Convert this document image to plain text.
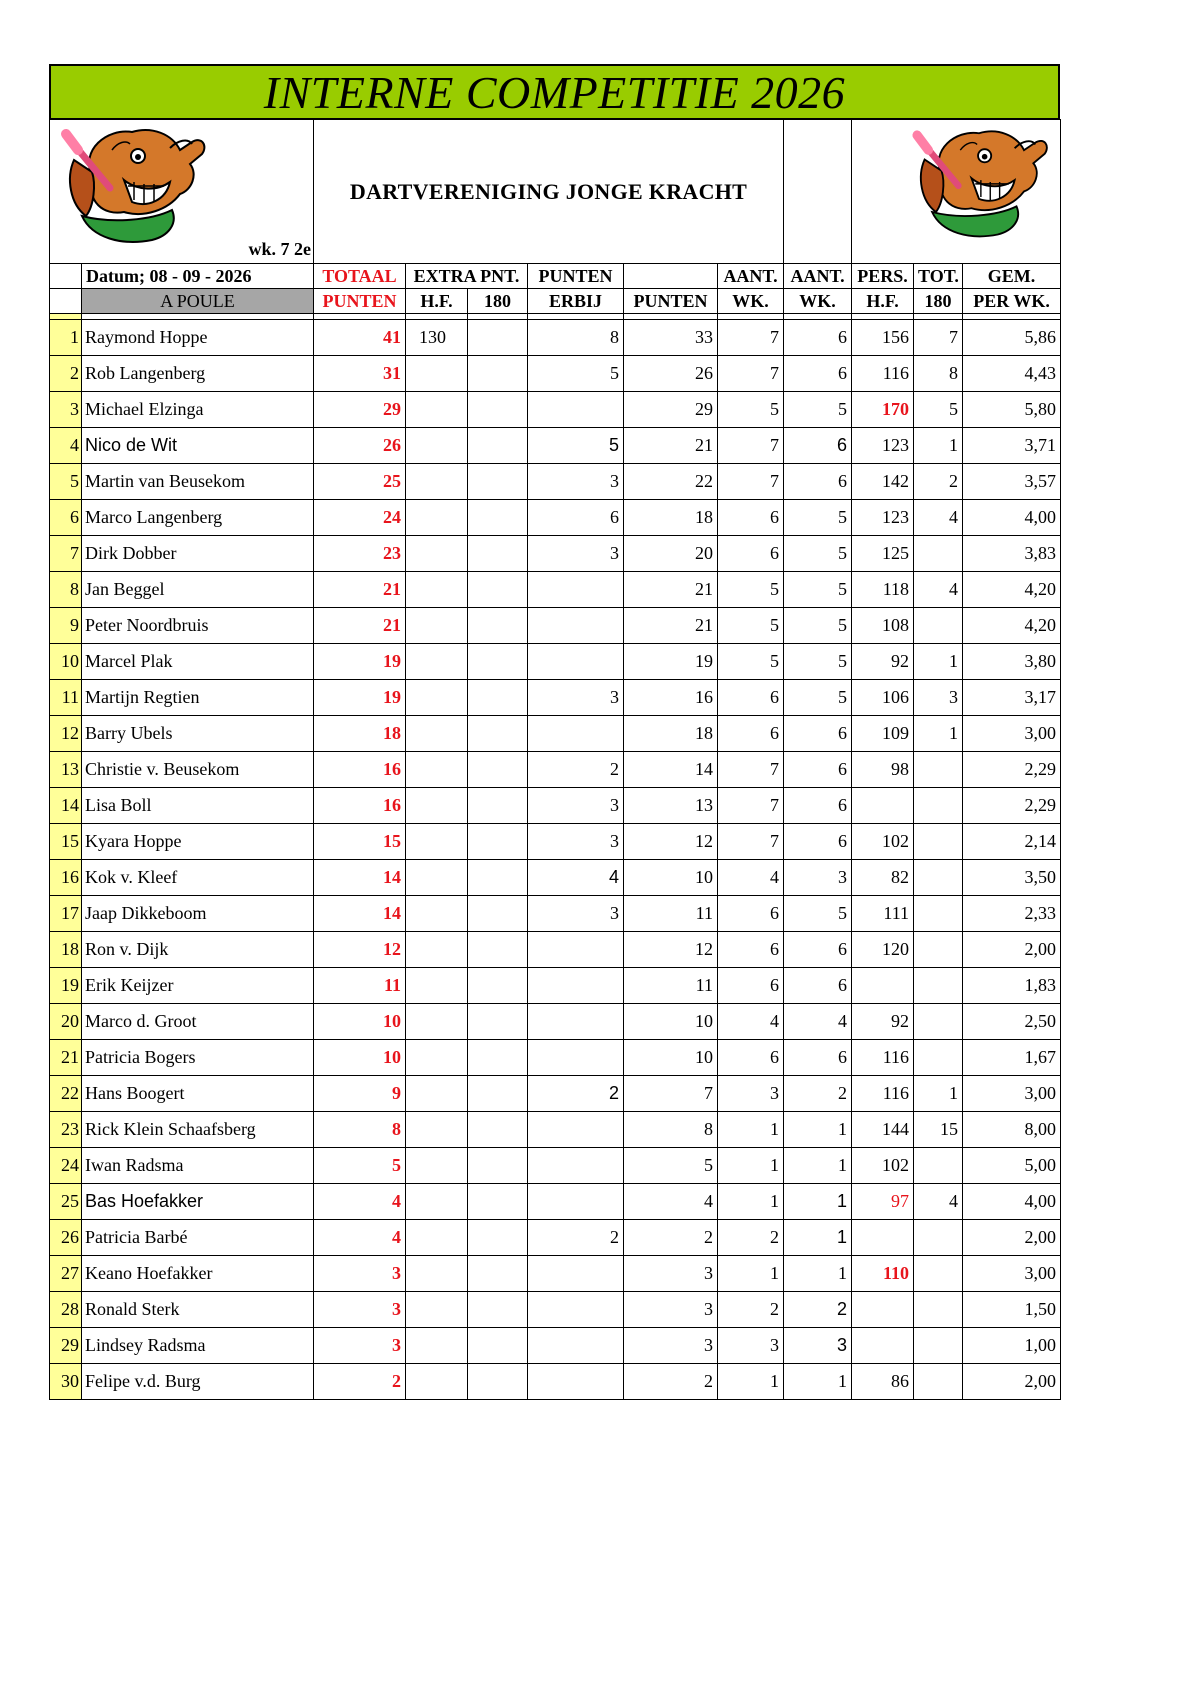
INTERNE COMPETITIE 2026
wk. 7 2e		DARTVERENIGING JONGE KRACHT		

	Datum; 08 - 09 - 2026	TOTAAL	EXTRA PNT.		PUNTEN		AANT.	AANT.	PERS.	TOT.	GEM.
	A POULE	PUNTEN	H.F.	180	ERBIJ	PUNTEN	WK.	WK.	H.F.	180	PER WK.

1	Raymond Hoppe	41	130		8	33	7	6	156	7	5,86
2	Rob Langenberg	31			5	26	7	6	116	8	4,43
3	Michael Elzinga	29				29	5	5	170	5	5,80
4	Nico de Wit	26			5	21	7	6	123	1	3,71
5	Martin van Beusekom	25			3	22	7	6	142	2	3,57
6	Marco Langenberg	24			6	18	6	5	123	4	4,00
7	Dirk Dobber	23			3	20	6	5	125		3,83
8	Jan Beggel	21				21	5	5	118	4	4,20
9	Peter Noordbruis	21				21	5	5	108		4,20
10	Marcel Plak	19				19	5	5	92	1	3,80
11	Martijn Regtien	19			3	16	6	5	106	3	3,17
12	Barry Ubels	18				18	6	6	109	1	3,00
13	Christie v. Beusekom	16			2	14	7	6	98		2,29
14	Lisa Boll	16			3	13	7	6			2,29
15	Kyara Hoppe	15			3	12	7	6	102		2,14
16	Kok v. Kleef	14			4	10	4	3	82		3,50
17	Jaap Dikkeboom	14			3	11	6	5	111		2,33
18	Ron v. Dijk	12				12	6	6	120		2,00
19	Erik Keijzer	11				11	6	6			1,83
20	Marco d. Groot	10				10	4	4	92		2,50
21	Patricia Bogers	10				10	6	6	116		1,67
22	Hans Boogert	9			2	7	3	2	116	1	3,00
23	Rick Klein Schaafsberg	8				8	1	1	144	15	8,00
24	Iwan Radsma	5				5	1	1	102		5,00
25	Bas Hoefakker	4				4	1	1	97	4	4,00
26	Patricia Barbé	4			2	2	2	1			2,00
27	Keano Hoefakker	3				3	1	1	110		3,00
28	Ronald Sterk	3				3	2	2			1,50
29	Lindsey Radsma	3				3	3	3			1,00
30	Felipe v.d. Burg	2				2	1	1	86		2,00
